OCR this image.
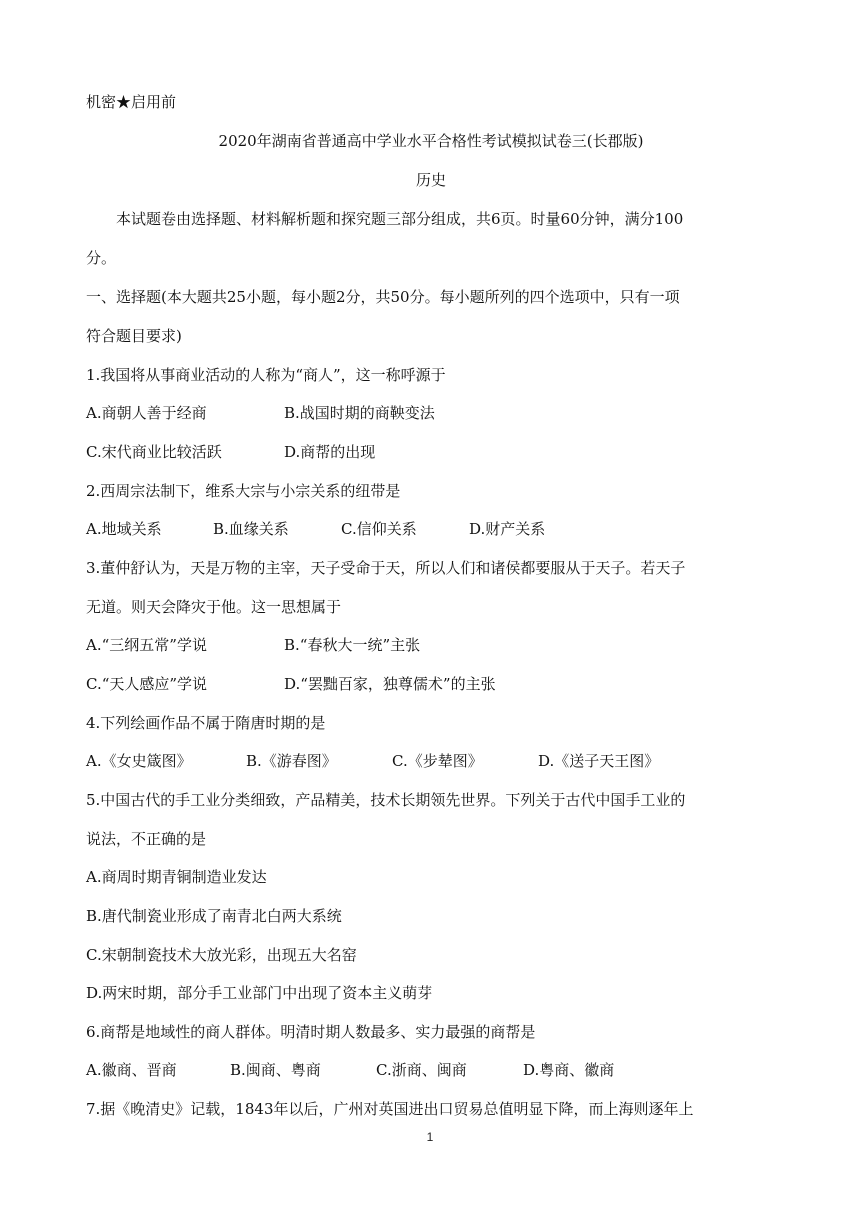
机密★启用前
2020年湖南省普通高中学业水平合格性考试模拟试卷三(长郡版)
历史
本试题卷由选择题、材料解析题和探究题三部分组成，共6页。时量60分钟，满分100
分。
一、选择题(本大题共25小题，每小题2分，共50分。每小题所列的四个选项中，只有一项
符合题目要求)
1.我国将从事商业活动的人称为“商人”，这一称呼源于
A.商朝人善于经商	B.战国时期的商鞅变法
C.宋代商业比较活跃	D.商帮的出现
2.西周宗法制下，维系大宗与小宗关系的纽带是
A.地域关系	B.血缘关系	C.信仰关系	D.财产关系
3.董仲舒认为，天是万物的主宰，天子受命于天，所以人们和诸侯都要服从于天子。若天子
无道。则天会降灾于他。这一思想属于
A.“三纲五常”学说	B.“春秋大一统”主张
C.“天人感应”学说	D.“罢黜百家，独尊儒术”的主张
4.下列绘画作品不属于隋唐时期的是
A.《女史箴图》	B.《游春图》	C.《步辇图》	D.《送子天王图》
5.中国古代的手工业分类细致，产品精美，技术长期领先世界。下列关于古代中国手工业的
说法，不正确的是
A.商周时期青铜制造业发达
B.唐代制瓷业形成了南青北白两大系统
C.宋朝制瓷技术大放光彩，出现五大名窑
D.两宋时期，部分手工业部门中出现了资本主义萌芽
6.商帮是地域性的商人群体。明清时期人数最多、实力最强的商帮是
A.徽商、晋商	B.闽商、粤商	C.浙商、闽商	D.粤商、徽商
7.据《晚清史》记载，1843年以后，广州对英国进出口贸易总值明显下降，而上海则逐年上
1
